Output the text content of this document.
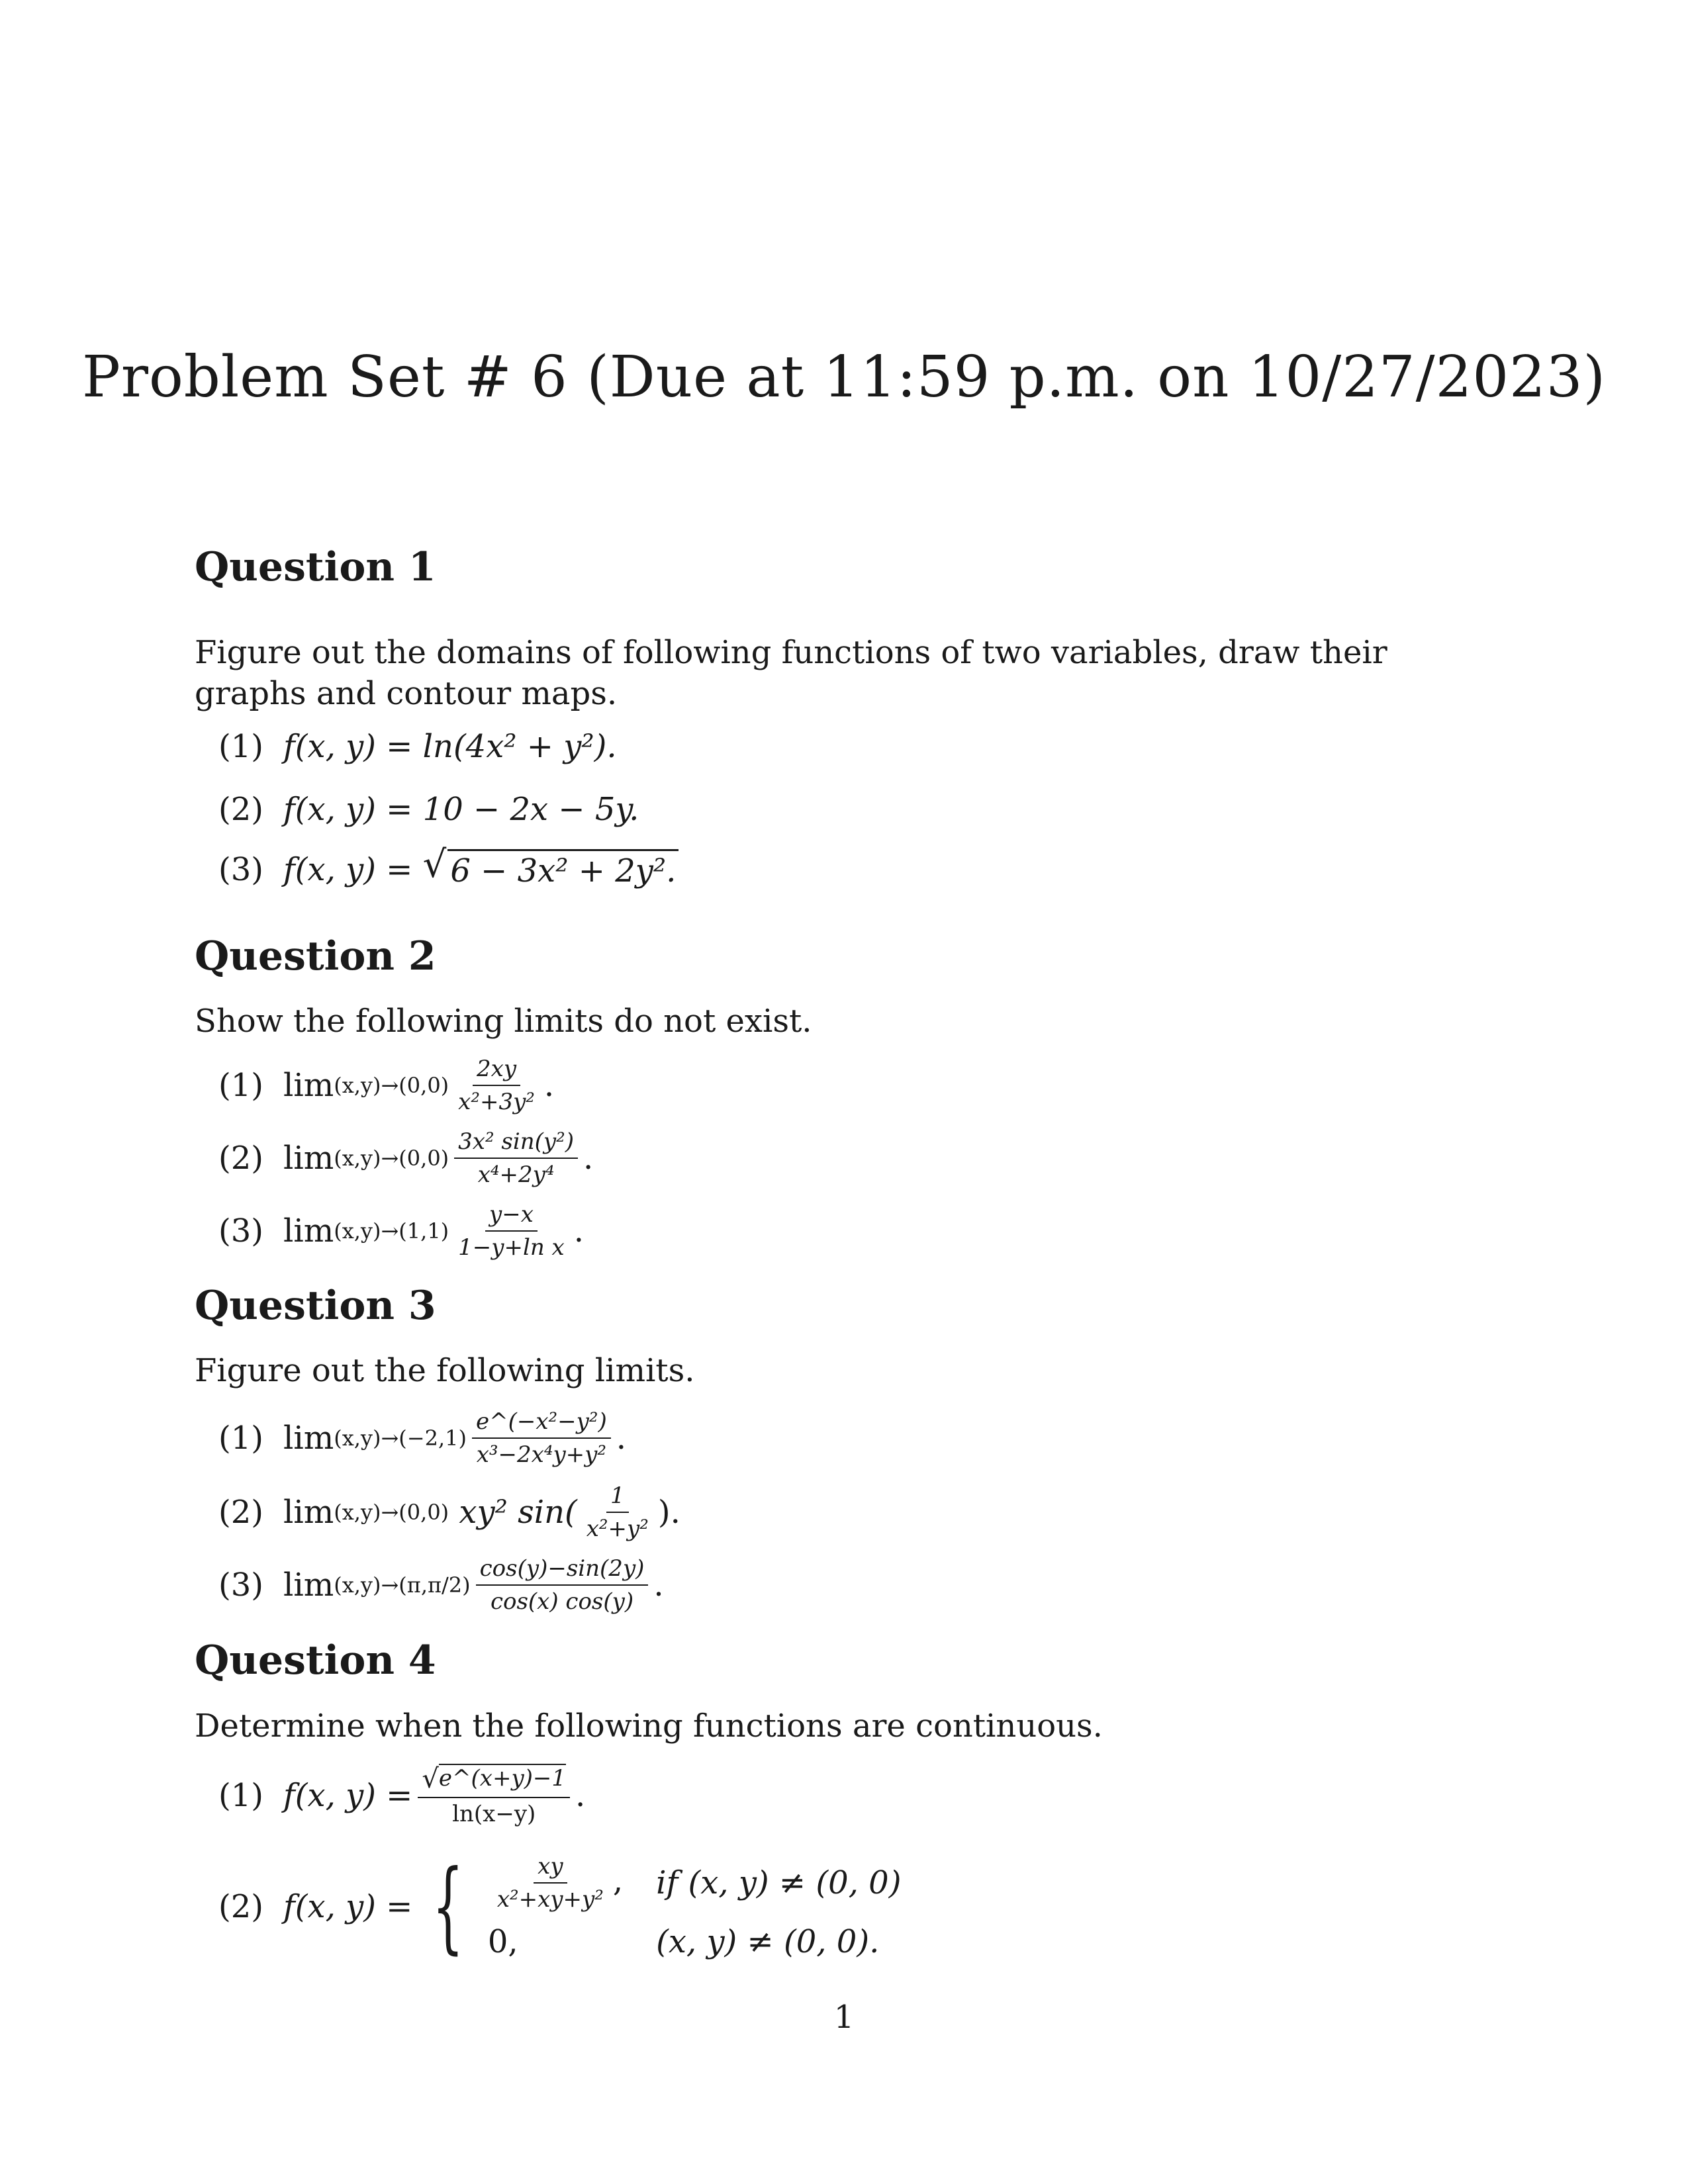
Problem Set # 6 (Due at 11:59 p.m. on 10/27/2023)
Question 1
Figure out the domains of following functions of two variables, draw their graphs and contour maps.
(1) f(x, y) =
ln(4x² + y²).
(2) f(x, y) =
10 − 2x − 5y.
(3) f(x, y) =
√ 6 − 3x² + 2y².
Question 2
Show the following limits do not exist.
(1) $\lim (x,y)\to(0,0) \frac{2xy}{\text{x²+3y²}}$ .
(2) $\lim (x,y)\to(0,0) \frac{\text{3x² sin(y²)}}{\text{x⁴+2y⁴}}$ .
(3) $\lim (x,y)\to(1,1) \frac{y-x}{\text{1−y+ln x}}$ .
Question 3
Figure out the following limits.
(1) $\lim (x,y)\to(-2,1) \frac{\text{e\textasciicircum{}(−x²−y²)}}{\text{x³−2x⁴y+y²}}$ .
(2) lim (x,y)→(0,0)
xy² $\sin( \frac{1}{\text{x²+y²}}$ ).
(3) $\lim (x,y)\to(\pi,\pi/2) \frac{\cos(y)-\sin(2y)}{\cos(x) \cos(y)}$ .
Question 4
Determine when the following functions are continuous.
(1) f(x, $y) = \frac{√ e\^{}(x+y)-1}{\ln(x-y)}$ .
(2) f(x, y) = { $\frac{xy}{\text{x²+xy+y²}}$ , if (x, y) ≠ (0, 0)
0,	(x, y) ≠ (0, 0).
1
